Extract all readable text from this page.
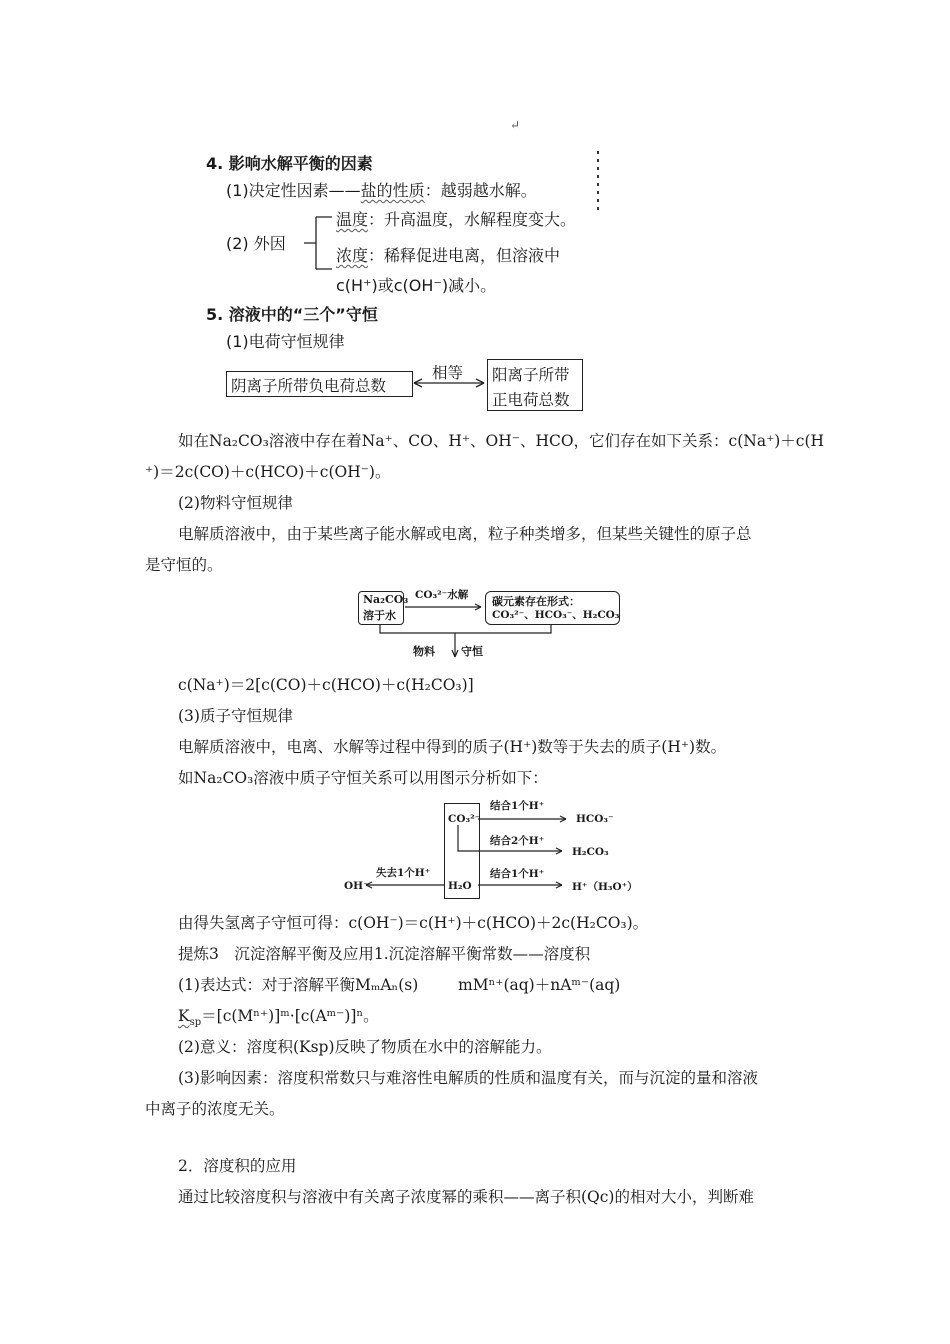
↵
4. 影响水解平衡的因素
(1)决定性因素——盐的性质：越弱越水解。
(2) 外因
温度：升高温度，水解程度变大。
浓度：稀释促进电离，但溶液中
c(H⁺)或c(OH⁻)减小。
5. 溶液中的“三个”守恒
(1)电荷守恒规律
阴离子所带负电荷总数
相等 阳离子所带
正电荷总数
如在Na₂CO₃溶液中存在着Na⁺、CO、H⁺、OH⁻、HCO，它们存在如下关系：c(Na⁺)＋c(H
⁺)＝2c(CO)＋c(HCO)＋c(OH⁻)。
(2)物料守恒规律
电解质溶液中，由于某些离子能水解或电离，粒子种类增多，但某些关键性的原子总
是守恒的。
Na₂CO₃
溶于水
CO₃²⁻水解 碳元素存在形式：
CO₃²⁻、HCO₃⁻、H₂CO₃
物料 守恒
c(Na⁺)＝2[c(CO)＋c(HCO)＋c(H₂CO₃)]
(3)质子守恒规律
电解质溶液中，电离、水解等过程中得到的质子(H⁺)数等于失去的质子(H⁺)数。
如Na₂CO₃溶液中质子守恒关系可以用图示分析如下：
CO₃²⁻
H₂O
结合1个H⁺
HCO₃⁻
结合2个H⁺
H₂CO₃
结合1个H⁺
H⁺（H₃O⁺）
失去1个H⁺
OH⁻
由得失氢离子守恒可得：c(OH⁻)＝c(H⁺)＋c(HCO)＋2c(H₂CO₃)。
提炼3　沉淀溶解平衡及应用1.沉淀溶解平衡常数——溶度积
(1)表达式：对于溶解平衡MₘAₙ(s)	mMⁿ⁺(aq)＋nAᵐ⁻(aq)
$K_{sp}=[c(M^{n+})]ᵐ\cdot[c(Aᵐ^-)]^n$。
(2)意义：溶度积(Ksp)反映了物质在水中的溶解能力。
(3)影响因素：溶度积常数只与难溶性电解质的性质和温度有关，而与沉淀的量和溶液
中离子的浓度无关。
2．溶度积的应用
通过比较溶度积与溶液中有关离子浓度幂的乘积——离子积(Qc)的相对大小，判断难
